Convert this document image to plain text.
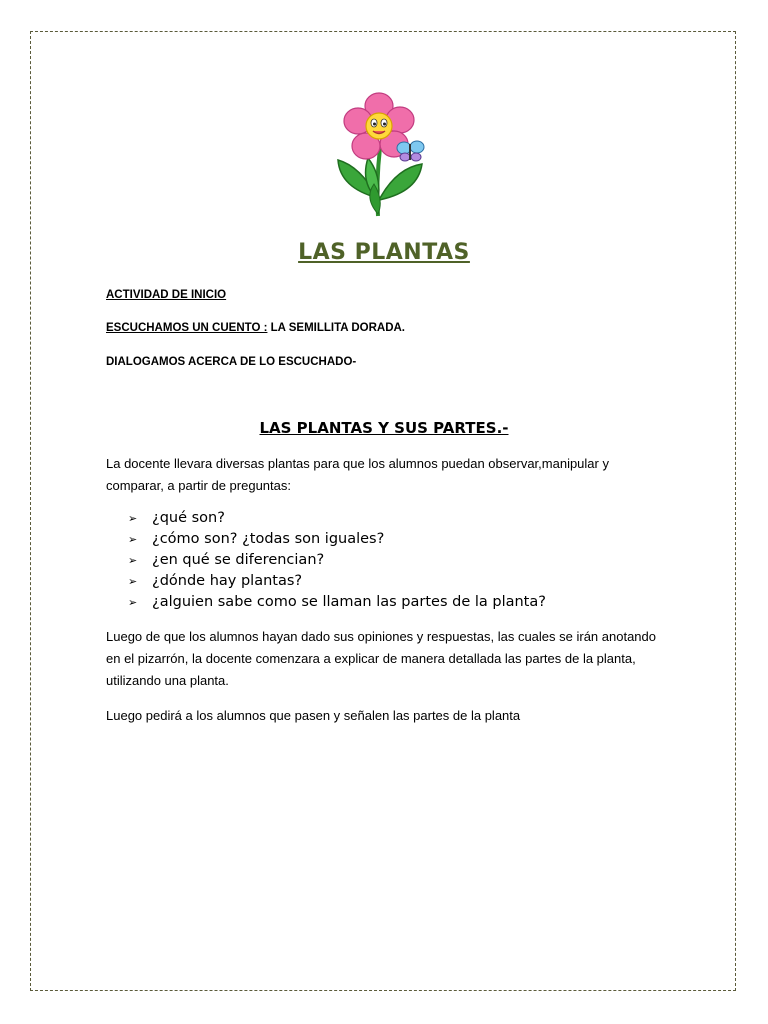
LAS PLANTAS
ACTIVIDAD DE INICIO
ESCUCHAMOS UN CUENTO : LA SEMILLITA DORADA.
DIALOGAMOS ACERCA DE LO ESCUCHADO-
LAS PLANTAS Y SUS PARTES.-
La docente llevara diversas plantas para que los alumnos puedan observar,manipular y comparar, a partir de preguntas:
➢	¿qué son?
➢	¿cómo son? ¿todas son iguales?
➢	¿en qué se diferencian?
➢	¿dónde hay plantas?
➢	¿alguien sabe como se llaman las partes de la planta?
Luego de que los alumnos hayan dado sus opiniones y respuestas, las cuales se irán anotando en el pizarrón, la docente comenzara a explicar de manera detallada las partes de la planta, utilizando una planta.
Luego pedirá a los alumnos que pasen y señalen las partes de la planta
